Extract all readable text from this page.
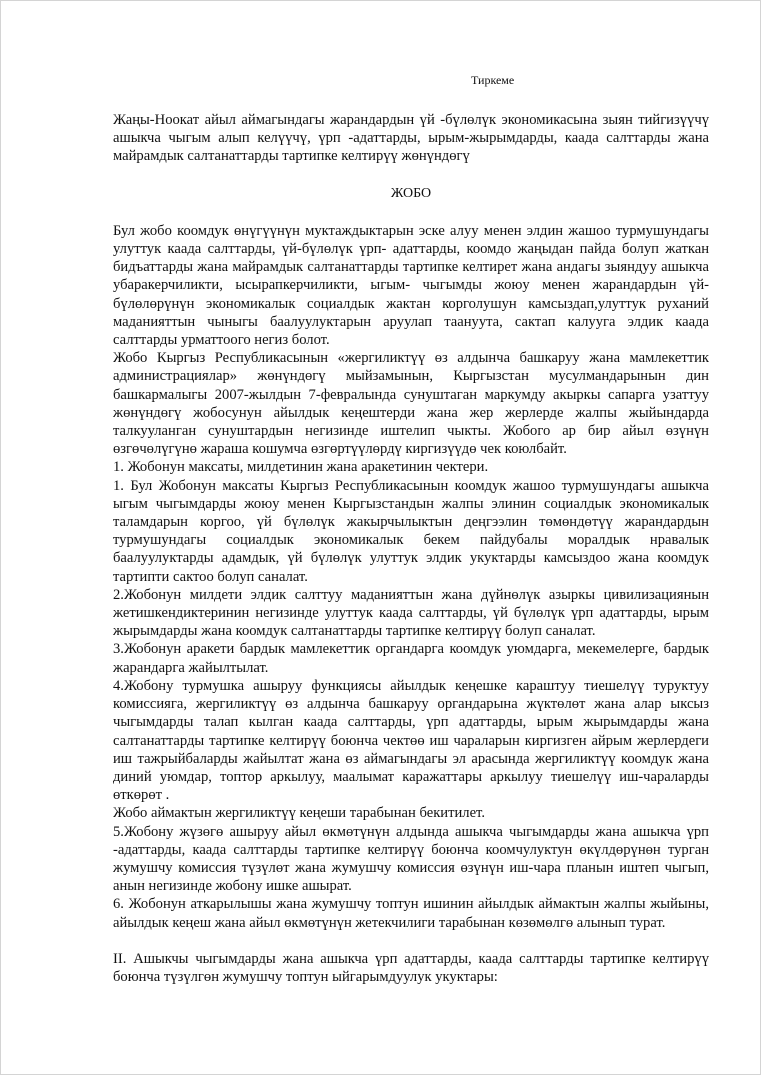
Тиркеме

Жаңы-Ноокат айыл аймагындагы жарандардын үй -бүлөлүк экономикасына зыян тийгизүүчү ашыкча чыгым алып келүүчү, үрп -адаттарды, ырым-жырымдарды, каада салттарды жана майрамдык салтанаттарды тартипке келтирүү жөнүндөгү

ЖОБО

Бул жобо коомдук өнүгүүнүн муктаждыктарын эске алуу менен элдин жашоо турмушундагы улуттук каада салттарды, үй-бүлөлүк үрп- адаттарды, коомдо жаңыдан пайда болуп жаткан бидъаттарды жана майрамдык салтанаттарды тартипке келтирет жана андагы зыяндуу ашыкча убаракерчиликти, ысырапкерчиликти, ыгым- чыгымды жоюу менен жарандардын үй-бүлөлөрүнүн экономикалык социалдык жактан корголушун камсыздап,улуттук руханий маданияттын чыныгы баалуулуктарын аруулап таануута, сактап калууга элдик каада салттарды урматтоого негиз болот.

Жобо Кыргыз Республикасынын «жергиликтүү өз алдынча башкаруу жана мамлекеттик администрациялар» жөнүндөгү мыйзамынын, Кыргызстан мусулмандарынын дин башкармалыгы 2007-жылдын 7-февралында сунуштаган маркумду акыркы сапарга узаттуу жөнүндөгү жобосунун айылдык кеңештерди жана жер жерлерде жалпы жыйындарда талкууланган сунуштардын негизинде иштелип чыкты. Жобого ар бир айыл өзүнүн өзгөчөлүгүнө жараша кошумча өзгөртүүлөрдү киргизүүдө чек коюлбайт.

1. Жобонун максаты, милдетинин жана аракетинин чектери.

1. Бул Жобонун максаты Кыргыз Республикасынын коомдук жашоо турмушундагы ашыкча ыгым чыгымдарды жоюу менен Кыргызстандын жалпы элинин социалдык экономикалык таламдарын коргоо, үй бүлөлүк жакырчылыктын деңгээлин төмөндөтүү жарандардын турмушундагы социалдык экономикалык бекем пайдубалы моралдык нравалык баалуулуктарды адамдык, үй бүлөлүк улуттук элдик укуктарды камсыздоо жана коомдук тартипти сактоо болуп саналат.

2.Жобонун милдети элдик салттуу маданияттын жана дүйнөлүк азыркы цивилизациянын жетишкендиктеринин негизинде улуттук каада салттарды, үй бүлөлүк үрп адаттарды, ырым жырымдарды жана коомдук салтанаттарды тартипке келтирүү болуп саналат.

3.Жобонун аракети бардык мамлекеттик органдарга коомдук уюмдарга, мекемелерге, бардык жарандарга жайылтылат.

4.Жобону турмушка ашыруу функциясы айылдык кеңешке караштуу тиешелүү туруктуу комиссияга, жергиликтүү өз алдынча башкаруу органдарына жүктөлөт жана алар ыксыз чыгымдарды талап кылган каада салттарды, үрп адаттарды, ырым жырымдарды жана салтанаттарды тартипке келтирүү боюнча чектөө иш чараларын киргизген айрым жерлердеги иш тажрыйбаларды жайылтат жана өз аймагындагы эл арасында жергиликтүү коомдук жана диний уюмдар, топтор аркылуу, маалымат каражаттары аркылуу тиешелүү иш-чараларды өткөрөт .

Жобо аймактын жергиликтүү кеңеши тарабынан бекитилет.

5.Жобону жүзөгө ашыруу айыл өкмөтүнүн алдында ашыкча чыгымдарды жана ашыкча үрп -адаттарды, каада салттарды тартипке келтирүү боюнча коомчулуктун өкүлдөрүнөн турган жумушчу комиссия түзүлөт жана жумушчу комиссия өзүнүн иш-чара планын иштеп чыгып, анын негизинде жобону ишке ашырат.

6. Жобонун аткарылышы жана жумушчу топтун ишинин айылдык аймактын жалпы жыйыны, айылдык кеңеш жана айыл өкмөтүнүн жетекчилиги тарабынан көзөмөлгө алынып турат.

II. Ашыкчы чыгымдарды жана ашыкча үрп адаттарды, каада салттарды тартипке келтирүү боюнча түзүлгөн жумушчу топтун ыйгарымдуулук укуктары:
